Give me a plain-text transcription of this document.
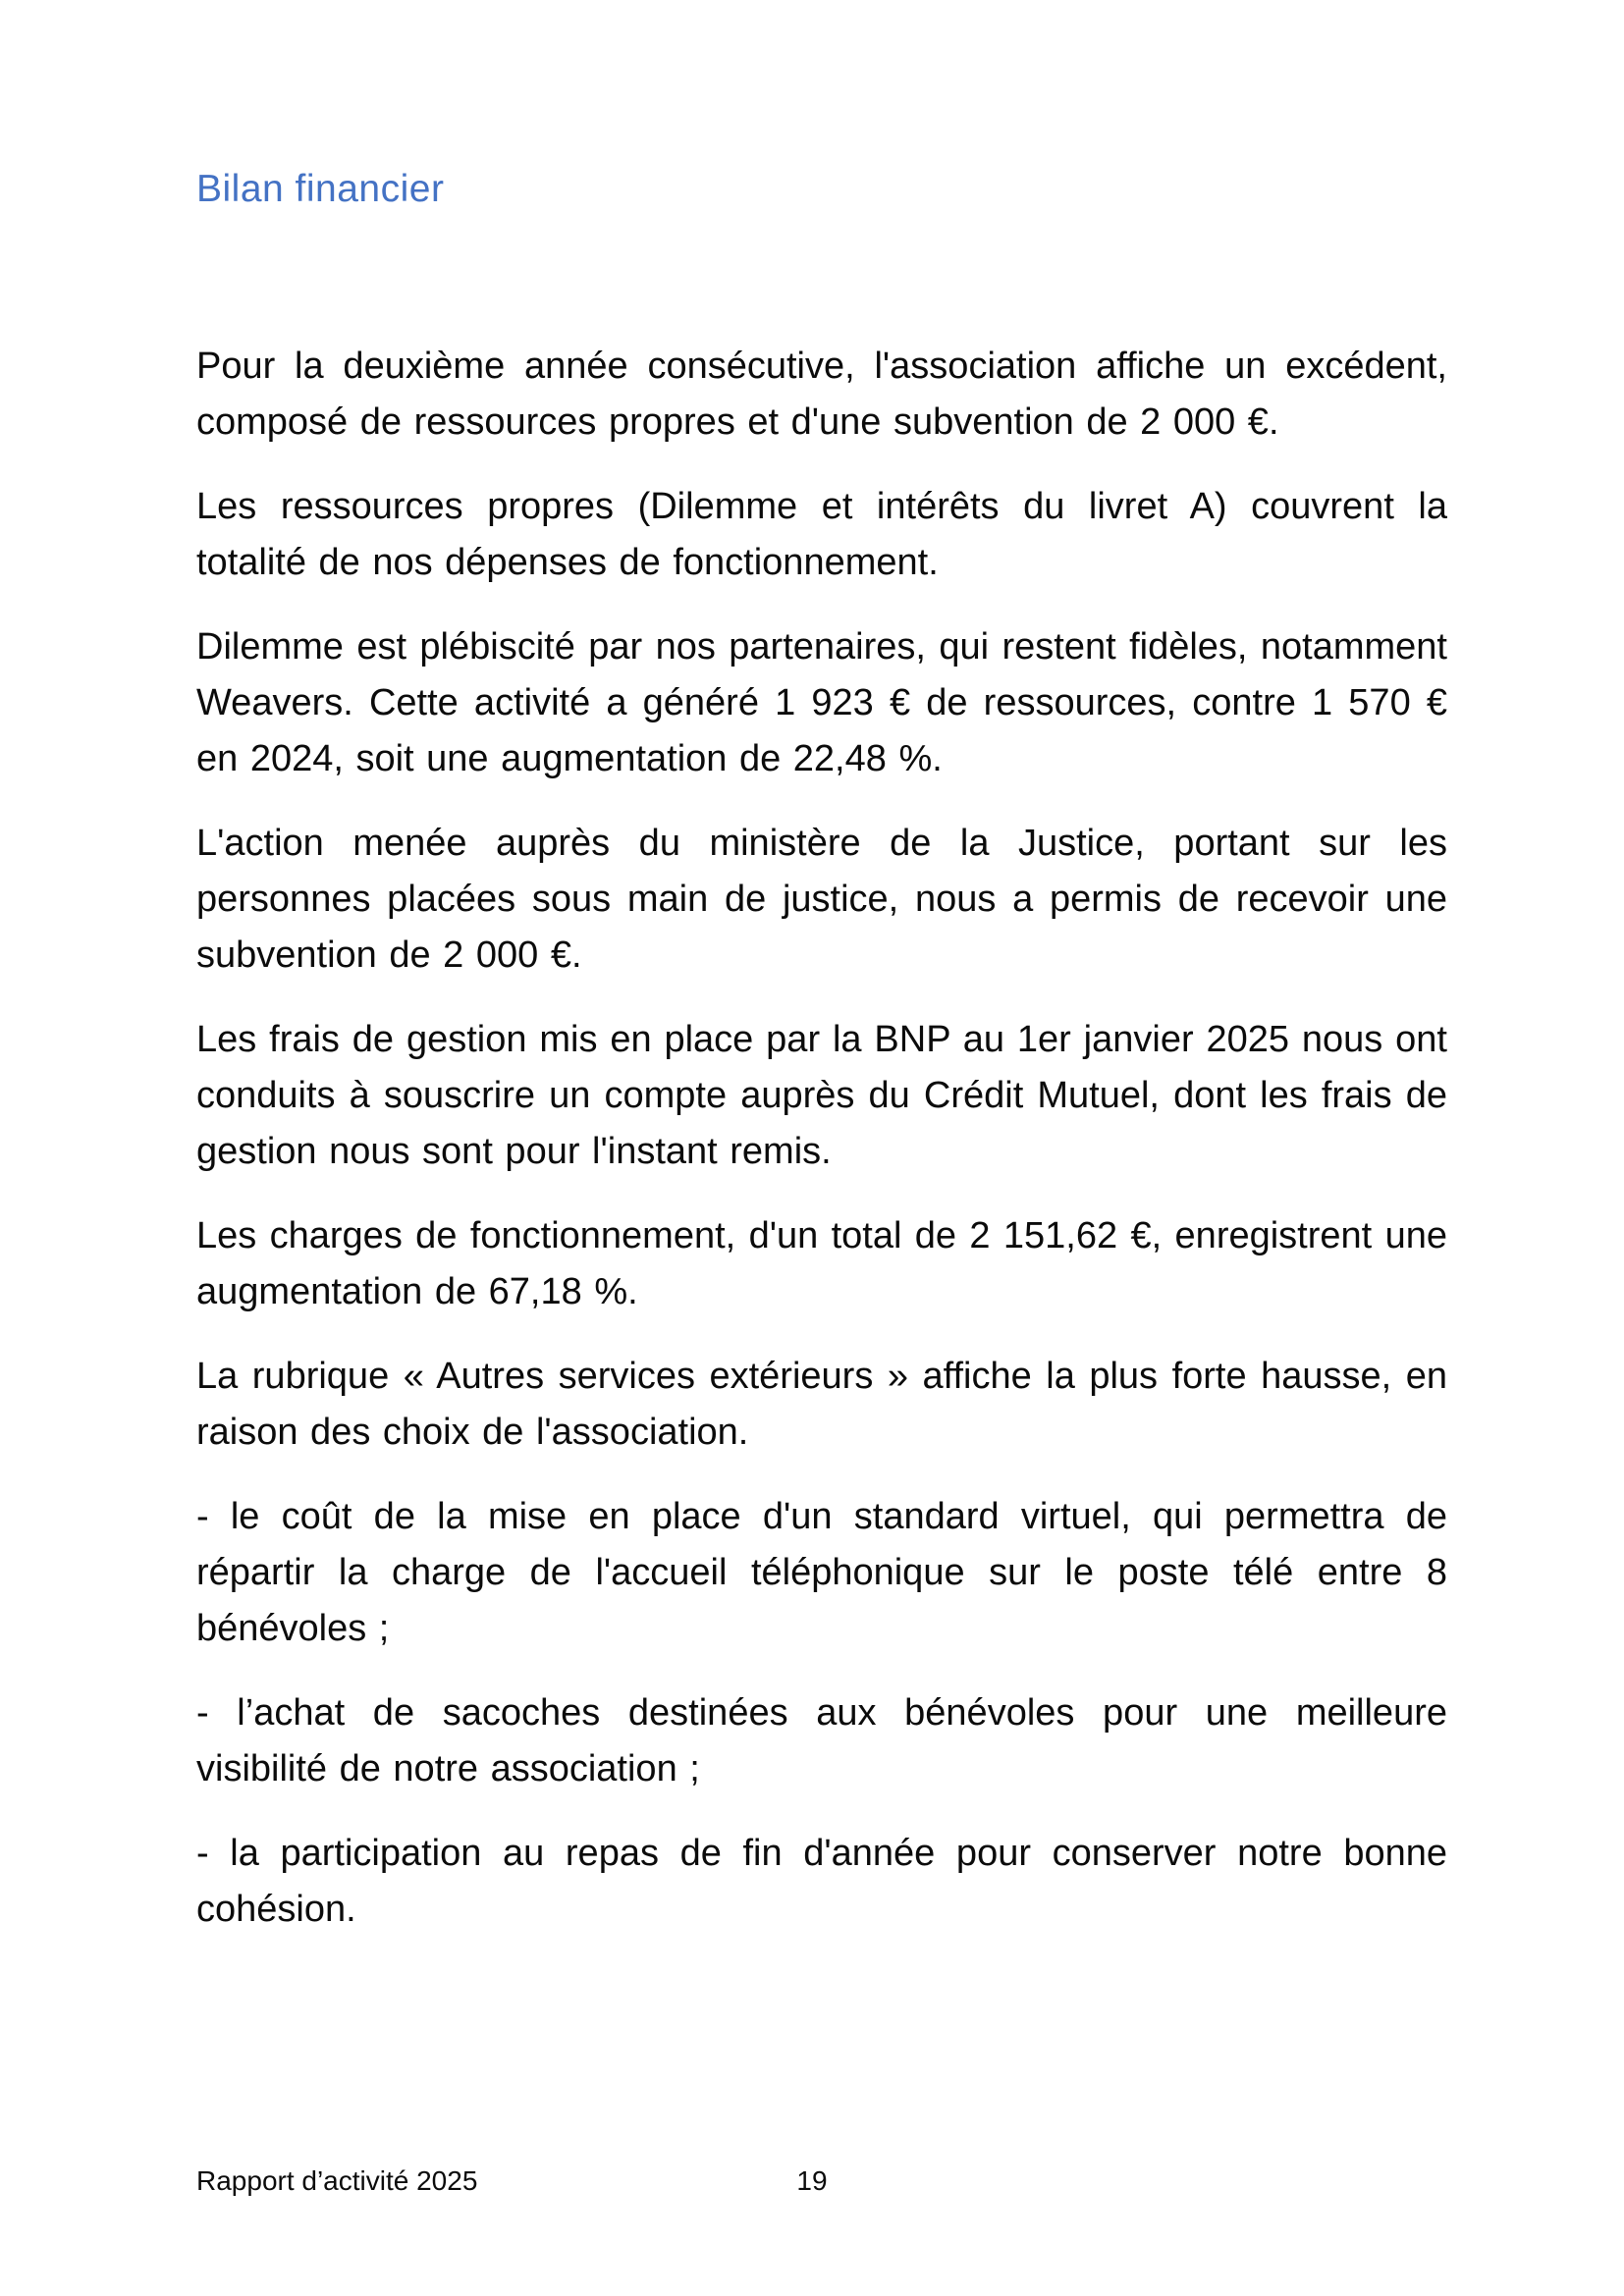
Bilan financier

Pour la deuxième année consécutive, l'association affiche un excédent, composé de ressources propres et d'une subvention de 2 000 €.

Les ressources propres (Dilemme et intérêts du livret A) couvrent la totalité de nos dépenses de fonctionnement.

Dilemme est plébiscité par nos partenaires, qui restent fidèles, notamment Weavers. Cette activité a généré 1 923 € de ressources, contre 1 570 € en 2024, soit une augmentation de 22,48 %.

L'action menée auprès du ministère de la Justice, portant sur les personnes placées sous main de justice, nous a permis de recevoir une subvention de 2 000 €.

Les frais de gestion mis en place par la BNP au 1er janvier 2025 nous ont conduits à souscrire un compte auprès du Crédit Mutuel, dont les frais de gestion nous sont pour l'instant remis.

Les charges de fonctionnement, d'un total de 2 151,62 €, enregistrent une augmentation de 67,18 %.

La rubrique « Autres services extérieurs » affiche la plus forte hausse, en raison des choix de l'association.

- le coût de la mise en place d'un standard virtuel, qui permettra de répartir la charge de l'accueil téléphonique sur le poste télé entre 8 bénévoles ;

- l’achat de sacoches destinées aux bénévoles pour une meilleure visibilité de notre association ;

- la participation au repas de fin d'année pour conserver notre bonne cohésion.

Rapport d’activité 2025	19
